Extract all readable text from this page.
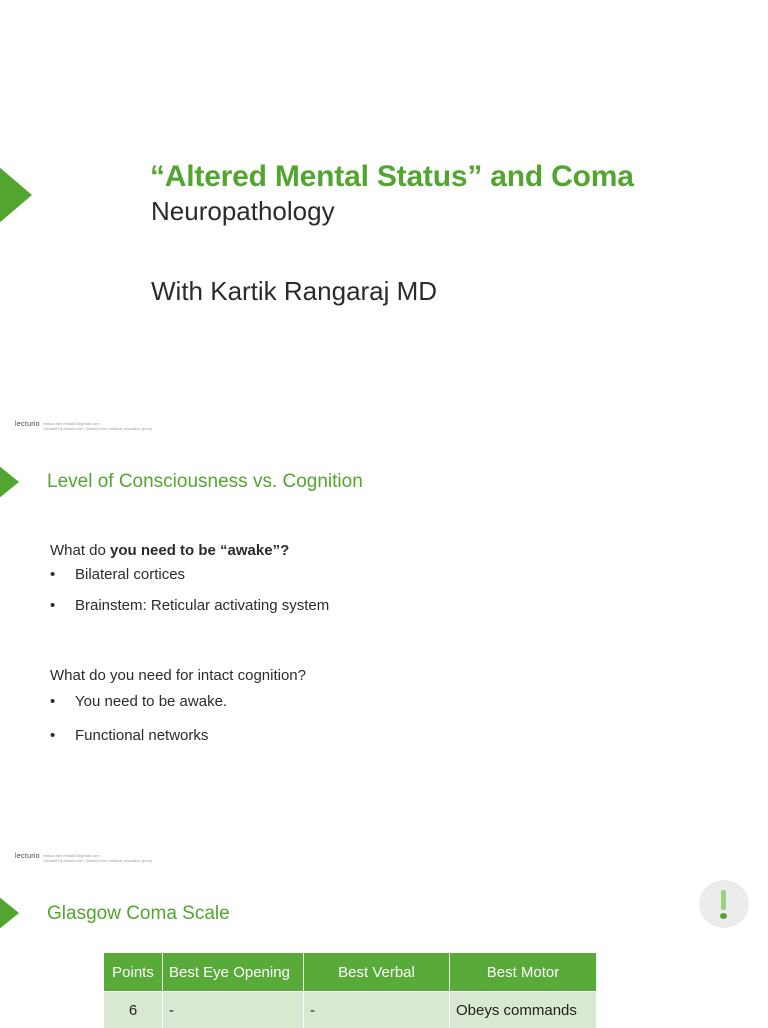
“Altered Mental Status” and Coma
Neuropathology
With Kartik Rangaraj MD
lecturio nelson hiel email23@gmail.com
Created by lecturio.de | Shared from medical education group
Level of Consciousness vs. Cognition
What do you need to be “awake”?
• Bilateral cortices
• Brainstem: Reticular activating system
What do you need for intact cognition?
• You need to be awake.
• Functional networks
lecturio nelson hiel email23@gmail.com
Created by lecturio.de | Shared from medical education group
Glasgow Coma Scale
Points	Best Eye Opening	Best Verbal	Best Motor
6	-	-	Obeys commands
